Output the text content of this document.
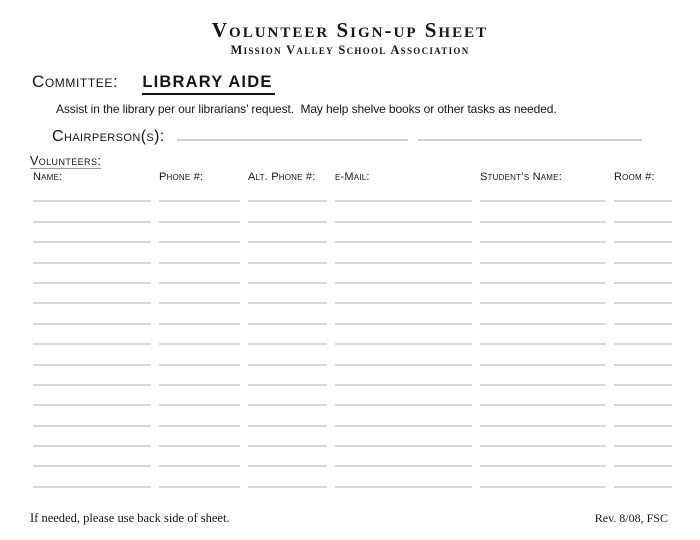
Volunteer Sign-up Sheet
Mission Valley School Association
Committee: LIBRARY AIDE
Assist in the library per our librarians’ request.  May help shelve books or other tasks as needed.
Chairperson(s):
Volunteers:
Name:	Phone #:	Alt. Phone #:	e-Mail:	Student’s Name:	Room #:
If needed, please use back side of sheet.	Rev. 8/08, FSC
